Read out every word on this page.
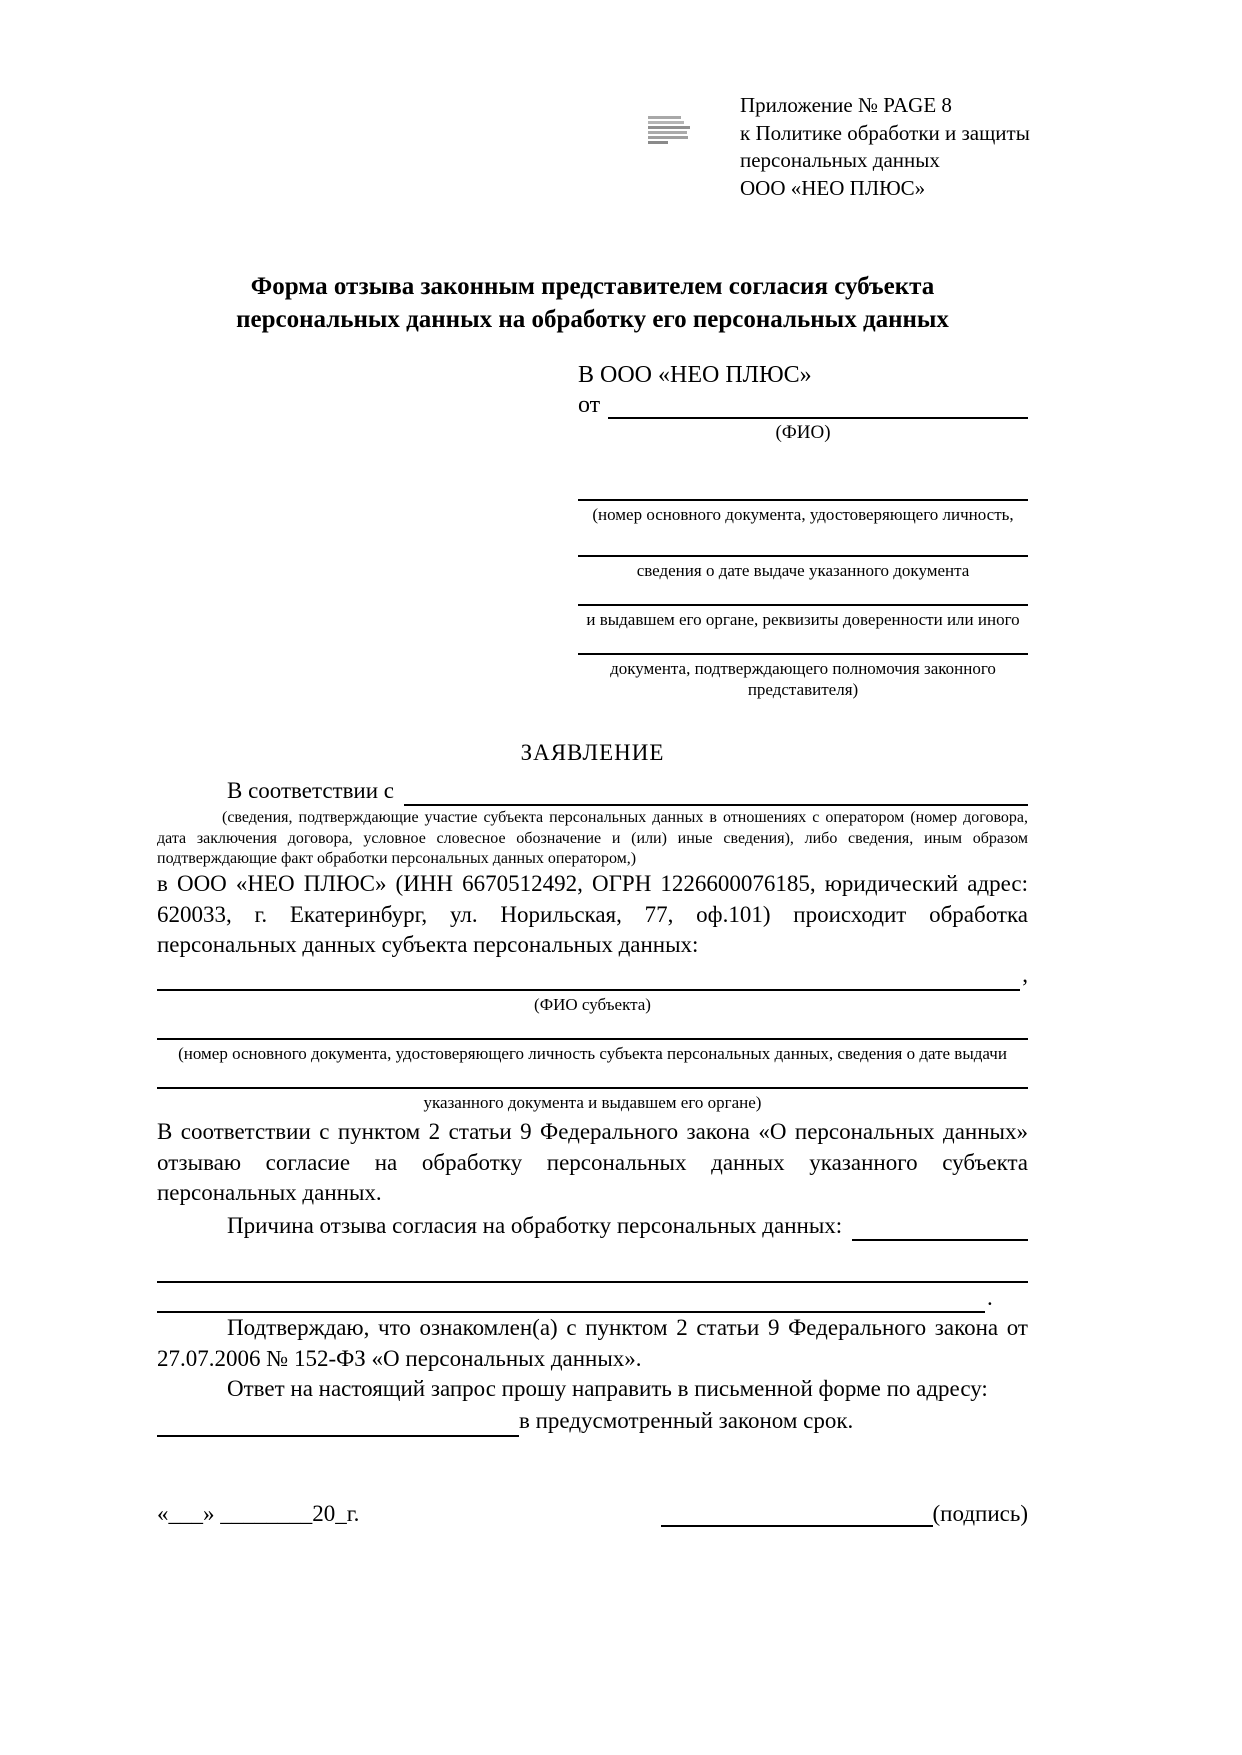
Приложение № PAGE 8
к Политике обработки и защиты
персональных данных
ООО «НЕО ПЛЮС»
Форма отзыва законным представителем согласия субъекта
персональных данных на обработку его персональных данных
В ООО «НЕО ПЛЮС»
от
(ФИО)
(номер основного документа, удостоверяющего личность,
сведения о дате выдаче указанного документа
и выдавшем его органе, реквизиты доверенности или иного
документа, подтверждающего полномочия законного представителя)
ЗАЯВЛЕНИЕ
В соответствии с
(сведения, подтверждающие участие субъекта персональных данных в отношениях с оператором (номер договора, дата заключения договора, условное словесное обозначение и (или) иные сведения), либо сведения, иным образом подтверждающие факт обработки персональных данных оператором,)
в ООО «НЕО ПЛЮС» (ИНН 6670512492, ОГРН 1226600076185, юридический адрес: 620033, г. Екатеринбург, ул. Норильская, 77, оф.101) происходит обработка персональных данных субъекта персональных данных:
,
(ФИО субъекта)
(номер основного документа, удостоверяющего личность субъекта персональных данных, сведения о дате выдачи
указанного документа и выдавшем его органе)
В соответствии с пунктом 2 статьи 9 Федерального закона «О персональных данных» отзываю согласие на обработку персональных данных указанного субъекта персональных данных.
Причина отзыва согласия на обработку персональных данных:
.
Подтверждаю, что ознакомлен(а) с пунктом 2 статьи 9 Федерального закона от 27.07.2006 № 152-ФЗ «О персональных данных».
Ответ на настоящий запрос прошу направить в письменной форме по адресу:
в предусмотренный законом срок.
«___» ________20_г.	(подпись)
